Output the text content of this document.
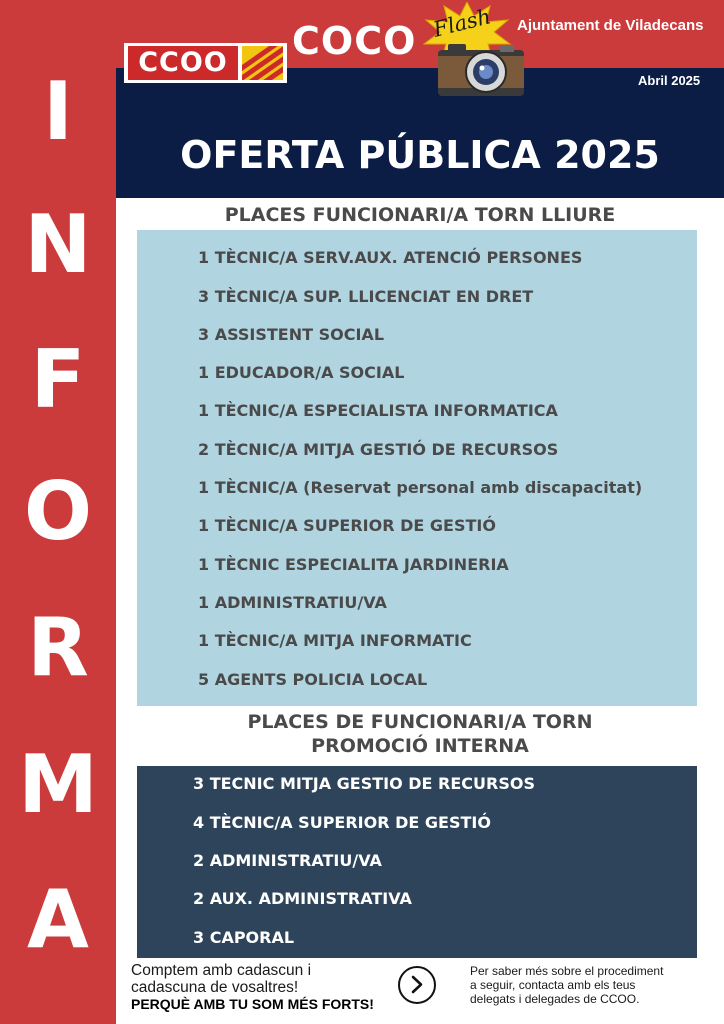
I
N
F
O
R
M
A
CCOO COCO Flash Ajuntament de Viladecans
Abril 2025
OFERTA PÚBLICA 2025
PLACES FUNCIONARI/A TORN LLIURE
1 TÈCNIC/A SERV.AUX. ATENCIÓ PERSONES
3 TÈCNIC/A SUP. LLICENCIAT EN DRET
3 ASSISTENT SOCIAL
1 EDUCADOR/A SOCIAL
1 TÈCNIC/A ESPECIALISTA INFORMATICA
2 TÈCNIC/A MITJA GESTIÓ DE RECURSOS
1 TÈCNIC/A (Reservat personal amb discapacitat)
1 TÈCNIC/A SUPERIOR DE GESTIÓ
1 TÈCNIC ESPECIALITA JARDINERIA
1 ADMINISTRATIU/VA
1 TÈCNIC/A MITJA INFORMATIC
5 AGENTS POLICIA LOCAL
PLACES DE FUNCIONARI/A TORN
PROMOCIÓ INTERNA
3 TECNIC MITJA GESTIO DE RECURSOS
4 TÈCNIC/A SUPERIOR DE GESTIÓ
2 ADMINISTRATIU/VA
2 AUX. ADMINISTRATIVA
3 CAPORAL
Comptem amb cadascun i
cadascuna de vosaltres!
PERQUÈ AMB TU SOM MÉS FORTS!
Per saber més sobre el procediment
a seguir, contacta amb els teus
delegats i delegades de CCOO.
